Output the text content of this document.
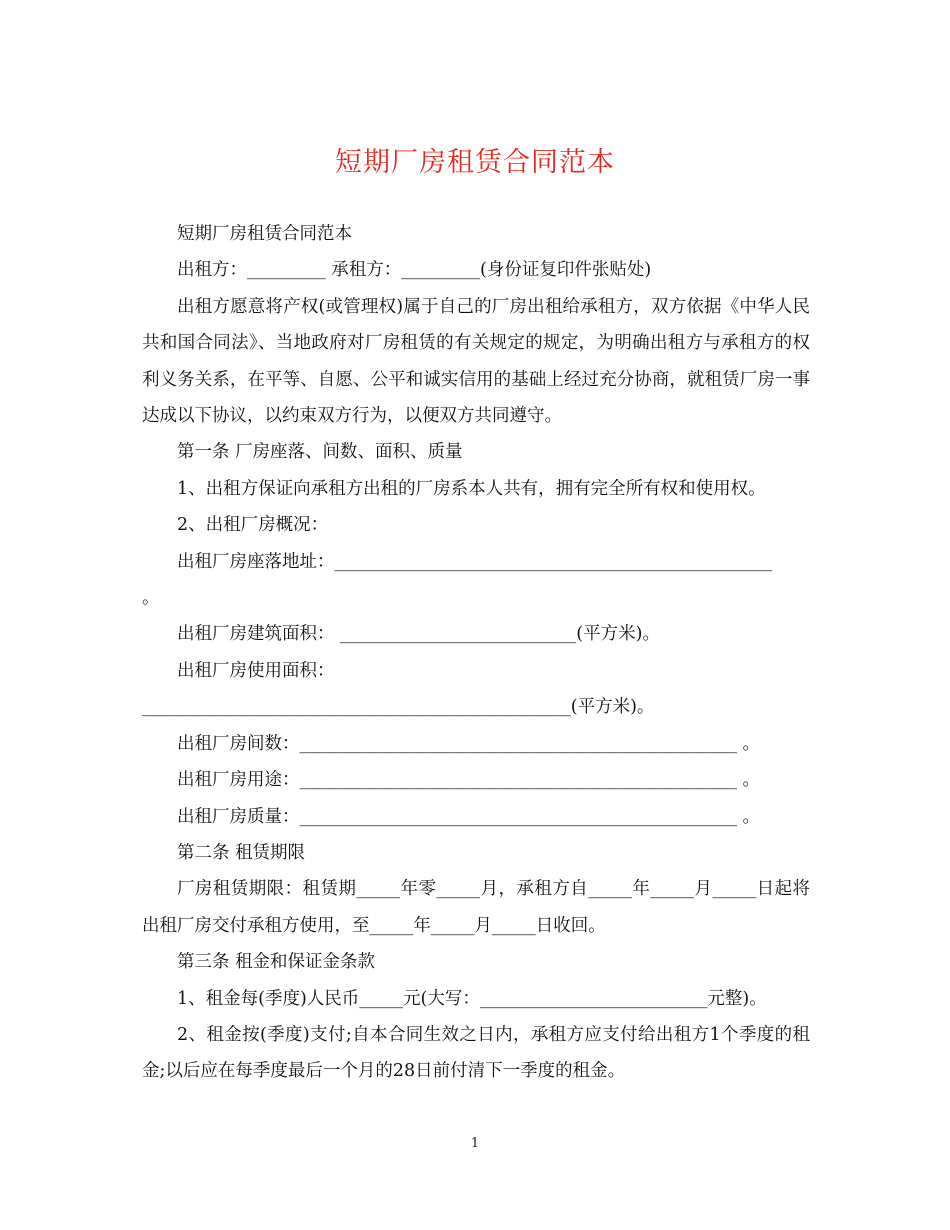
短期厂房租赁合同范本

短期厂房租赁合同范本

出租方：_________ 承租方：_________(身份证复印件张贴处)

出租方愿意将产权(或管理权)属于自己的厂房出租给承租方，双方依据《中华人民共和国合同法》、当地政府对厂房租赁的有关规定的规定，为明确出租方与承租方的权利义务关系，在平等、自愿、公平和诚实信用的基础上经过充分协商，就租赁厂房一事达成以下协议，以约束双方行为，以便双方共同遵守。

第一条 厂房座落、间数、面积、质量

1、出租方保证向承租方出租的厂房系本人共有，拥有完全所有权和使用权。

2、出租厂房概况：

出租厂房座落地址：__________________________________________________

。

出租厂房建筑面积： ___________________________(平方米)。

出租厂房使用面积：

_________________________________________________(平方米)。

出租厂房间数：__________________________________________________ 。

出租厂房用途：__________________________________________________ 。

出租厂房质量：__________________________________________________ 。

第二条 租赁期限

厂房租赁期限：租赁期_____年零_____月，承租方自_____年_____月_____日起将出租厂房交付承租方使用，至_____年_____月_____日收回。

第三条 租金和保证金条款

1、租金每(季度)人民币_____元(大写：__________________________元整)。

2、租金按(季度)支付;自本合同生效之日内，承租方应支付给出租方1个季度的租金;以后应在每季度最后一个月的28日前付清下一季度的租金。

1
